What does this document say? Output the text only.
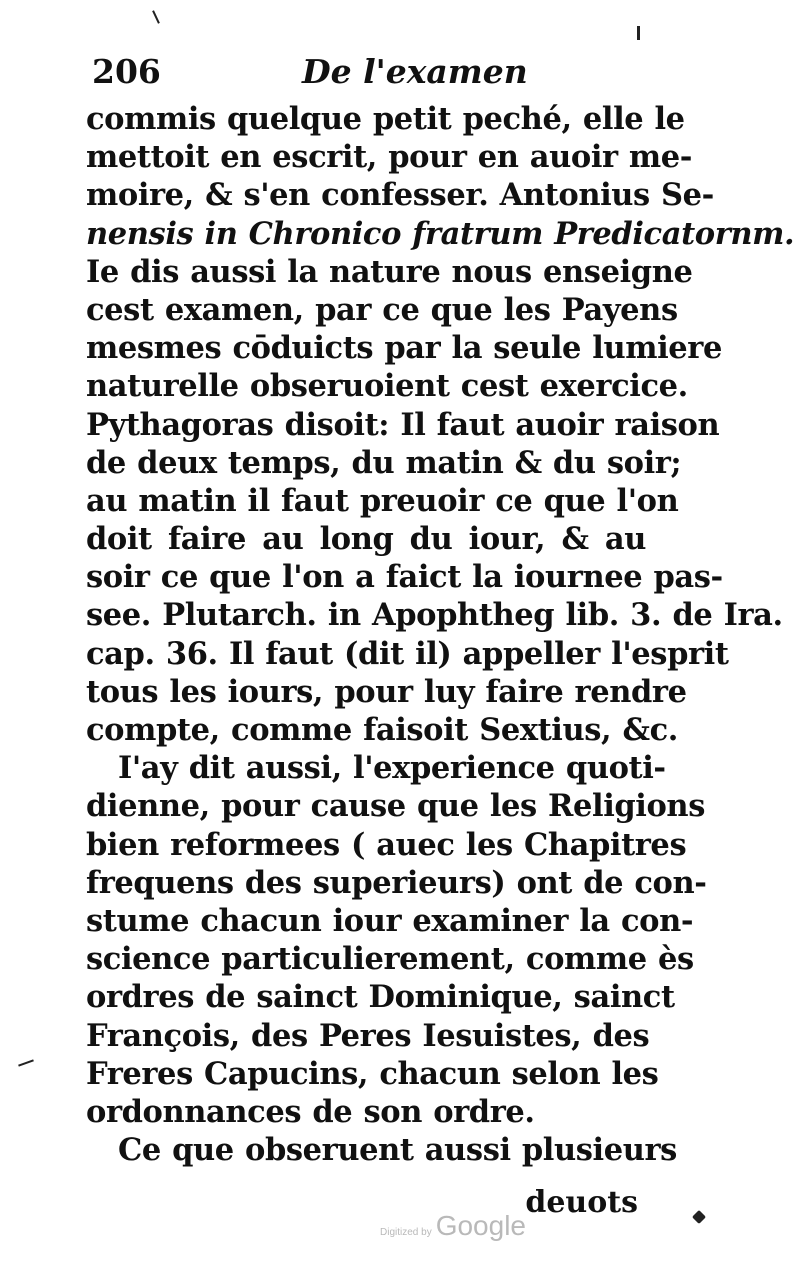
206	De l'examen
commis quelque petit peché, elle le
mettoit en escrit, pour en auoir me-
moire, & s'en confesser. Antonius Se-
nensis in Chronico fratrum Predicatornm.
Ie dis aussi la nature nous enseigne
cest examen, par ce que les Payens
mesmes cōduicts par la seule lumiere
naturelle obseruoient cest exercice.
Pythagoras disoit: Il faut auoir raison
de deux temps, du matin & du soir;
au matin il faut preuoir ce que l'on
doit faire au long du iour, & au
soir ce que l'on a faict la iournee pas-
see. Plutarch. in Apophtheg lib. 3. de Ira.
cap. 36. Il faut (dit il) appeller l'esprit
tous les iours, pour luy faire rendre
compte, comme faisoit Sextius, &c.
I'ay dit aussi, l'experience quoti-
dienne, pour cause que les Religions
bien reformees ( auec les Chapitres
frequens des superieurs) ont de con-
stume chacun iour examiner la con-
science particulierement, comme ès
ordres de sainct Dominique, sainct
François, des Peres Iesuistes, des
Freres Capucins, chacun selon les
ordonnances de son ordre.
Ce que obseruent aussi plusieurs
deuots
Digitized by Google
